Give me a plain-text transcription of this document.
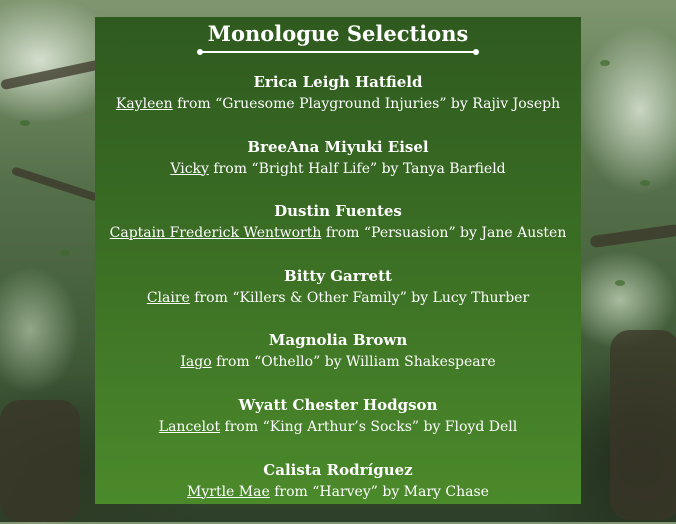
Monologue Selections
Erica Leigh Hatfield
Kayleen from “Gruesome Playground Injuries” by Rajiv Joseph
BreeAna Miyuki Eisel
Vicky from “Bright Half Life” by Tanya Barfield
Dustin Fuentes
Captain Frederick Wentworth from “Persuasion” by Jane Austen
Bitty Garrett
Claire from “Killers & Other Family” by Lucy Thurber
Magnolia Brown
Iago from “Othello” by William Shakespeare
Wyatt Chester Hodgson
Lancelot from “King Arthur’s Socks” by Floyd Dell
Calista Rodríguez
Myrtle Mae from “Harvey” by Mary Chase
